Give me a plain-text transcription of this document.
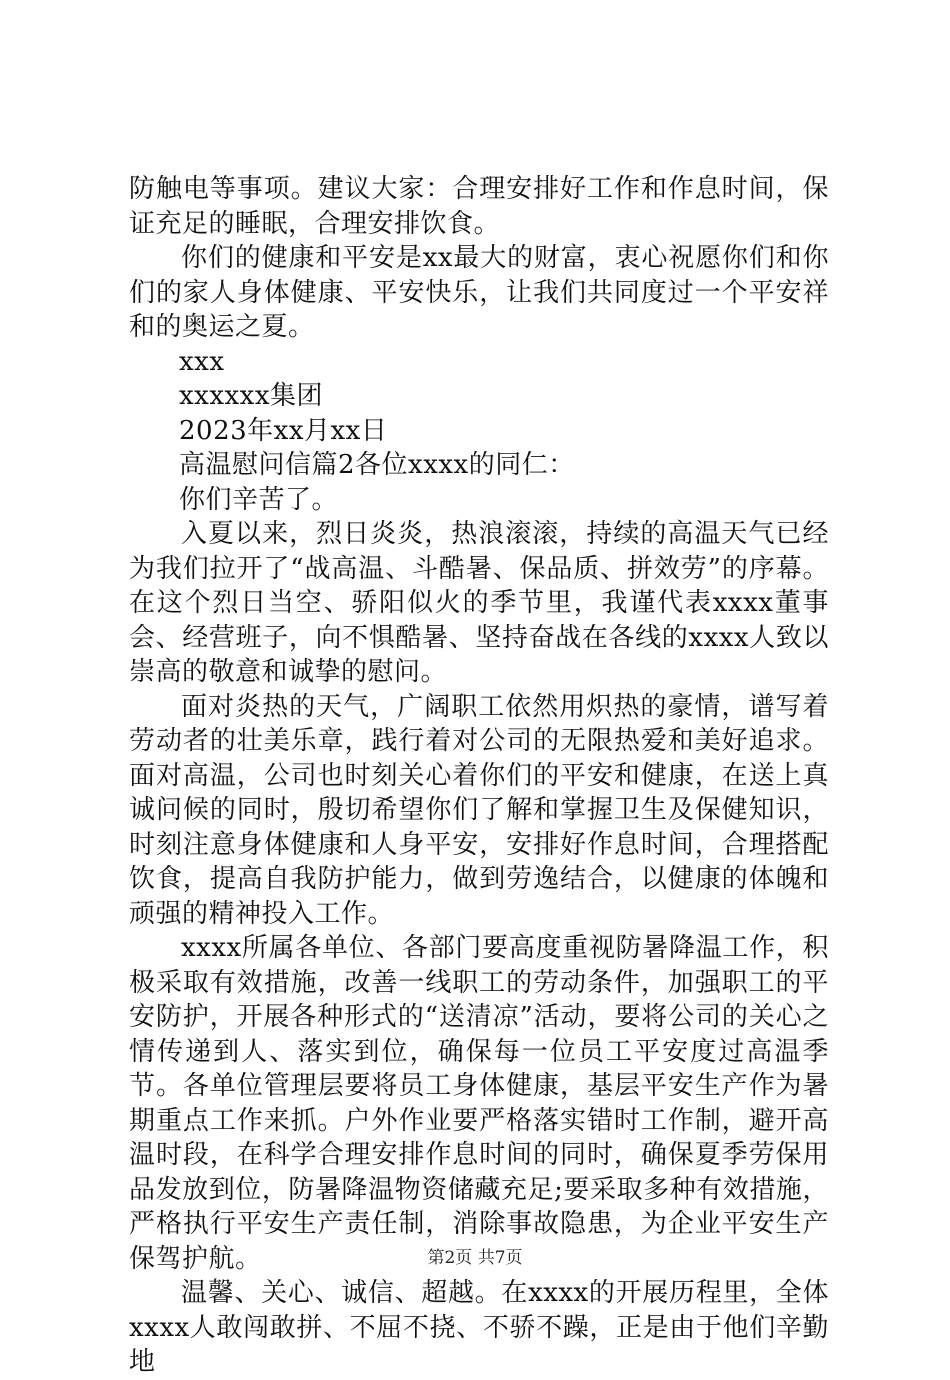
防触电等事项。建议大家：合理安排好工作和作息时间，保证充足的睡眠，合理安排饮食。

你们的健康和平安是xx最大的财富，衷心祝愿你们和你们的家人身体健康、平安快乐，让我们共同度过一个平安祥和的奥运之夏。

xxx

xxxxxx集团

2023年xx月xx日

高温慰问信篇2各位xxxx的同仁：

你们辛苦了。

入夏以来，烈日炎炎，热浪滚滚，持续的高温天气已经为我们拉开了“战高温、斗酷暑、保品质、拼效劳”的序幕。在这个烈日当空、骄阳似火的季节里，我谨代表xxxx董事会、经营班子，向不惧酷暑、坚持奋战在各线的xxxx人致以崇高的敬意和诚挚的慰问。

面对炎热的天气，广阔职工依然用炽热的豪情，谱写着劳动者的壮美乐章，践行着对公司的无限热爱和美好追求。面对高温，公司也时刻关心着你们的平安和健康，在送上真诚问候的同时，殷切希望你们了解和掌握卫生及保健知识，时刻注意身体健康和人身平安，安排好作息时间，合理搭配饮食，提高自我防护能力，做到劳逸结合，以健康的体魄和顽强的精神投入工作。

xxxx所属各单位、各部门要高度重视防暑降温工作，积极采取有效措施，改善一线职工的劳动条件，加强职工的平安防护，开展各种形式的“送清凉”活动，要将公司的关心之情传递到人、落实到位，确保每一位员工平安度过高温季节。各单位管理层要将员工身体健康，基层平安生产作为暑期重点工作来抓。户外作业要严格落实错时工作制，避开高温时段，在科学合理安排作息时间的同时，确保夏季劳保用品发放到位，防暑降温物资储藏充足;要采取多种有效措施，严格执行平安生产责任制，消除事故隐患，为企业平安生产保驾护航。

温馨、关心、诚信、超越。在xxxx的开展历程里，全体xxxx人敢闯敢拼、不屈不挠、不骄不躁，正是由于他们辛勤地

第2页 共7页
